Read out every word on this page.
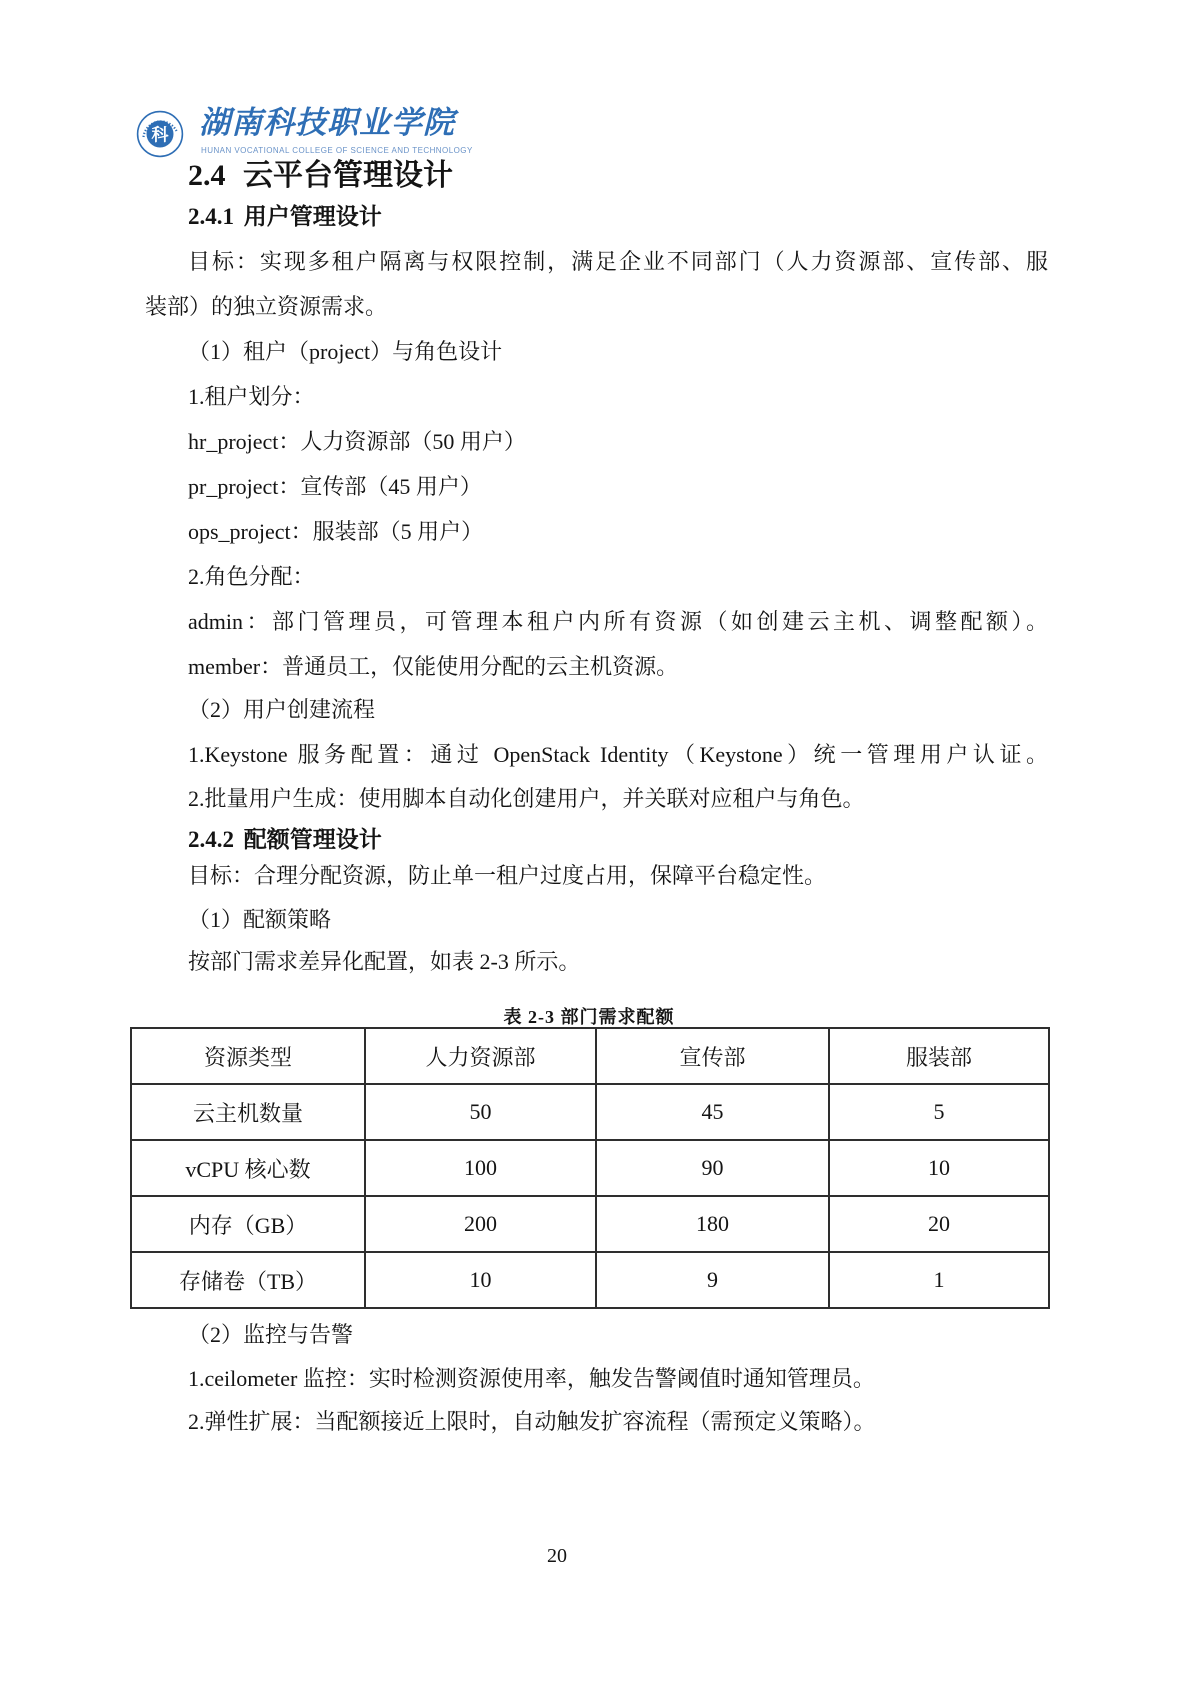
科 湖南科技职业学院
HUNAN VOCATIONAL COLLEGE OF SCIENCE AND TECHNOLOGY
2.4 云平台管理设计
2.4.1 用户管理设计
目标：实现多租户隔离与权限控制，满足企业不同部门（人力资源部、宣传部、服
装部）的独立资源需求。
（1）租户（project）与角色设计
1.租户划分：
hr_project：人力资源部（50 用户）
pr_project：宣传部（45 用户）
ops_project：服装部（5 用户）
2.角色分配：
admin：部门管理员，可管理本租户内所有资源（如创建云主机、调整配额）。
member：普通员工，仅能使用分配的云主机资源。
（2）用户创建流程
1.Keystone 服务配置：通过 OpenStack Identity（Keystone）统一管理用户认证。
2.批量用户生成：使用脚本自动化创建用户，并关联对应租户与角色。
2.4.2 配额管理设计
目标：合理分配资源，防止单一租户过度占用，保障平台稳定性。
（1）配额策略
按部门需求差异化配置，如表 2-3 所示。
表 2-3 部门需求配额
资源类型	人力资源部	宣传部	服装部
云主机数量	50	45	5
vCPU 核心数	100	90	10
内存（GB）	200	180	20
存储卷（TB）	10	9	1
（2）监控与告警
1.ceilometer 监控：实时检测资源使用率，触发告警阈值时通知管理员。
2.弹性扩展：当配额接近上限时，自动触发扩容流程（需预定义策略）。
20
